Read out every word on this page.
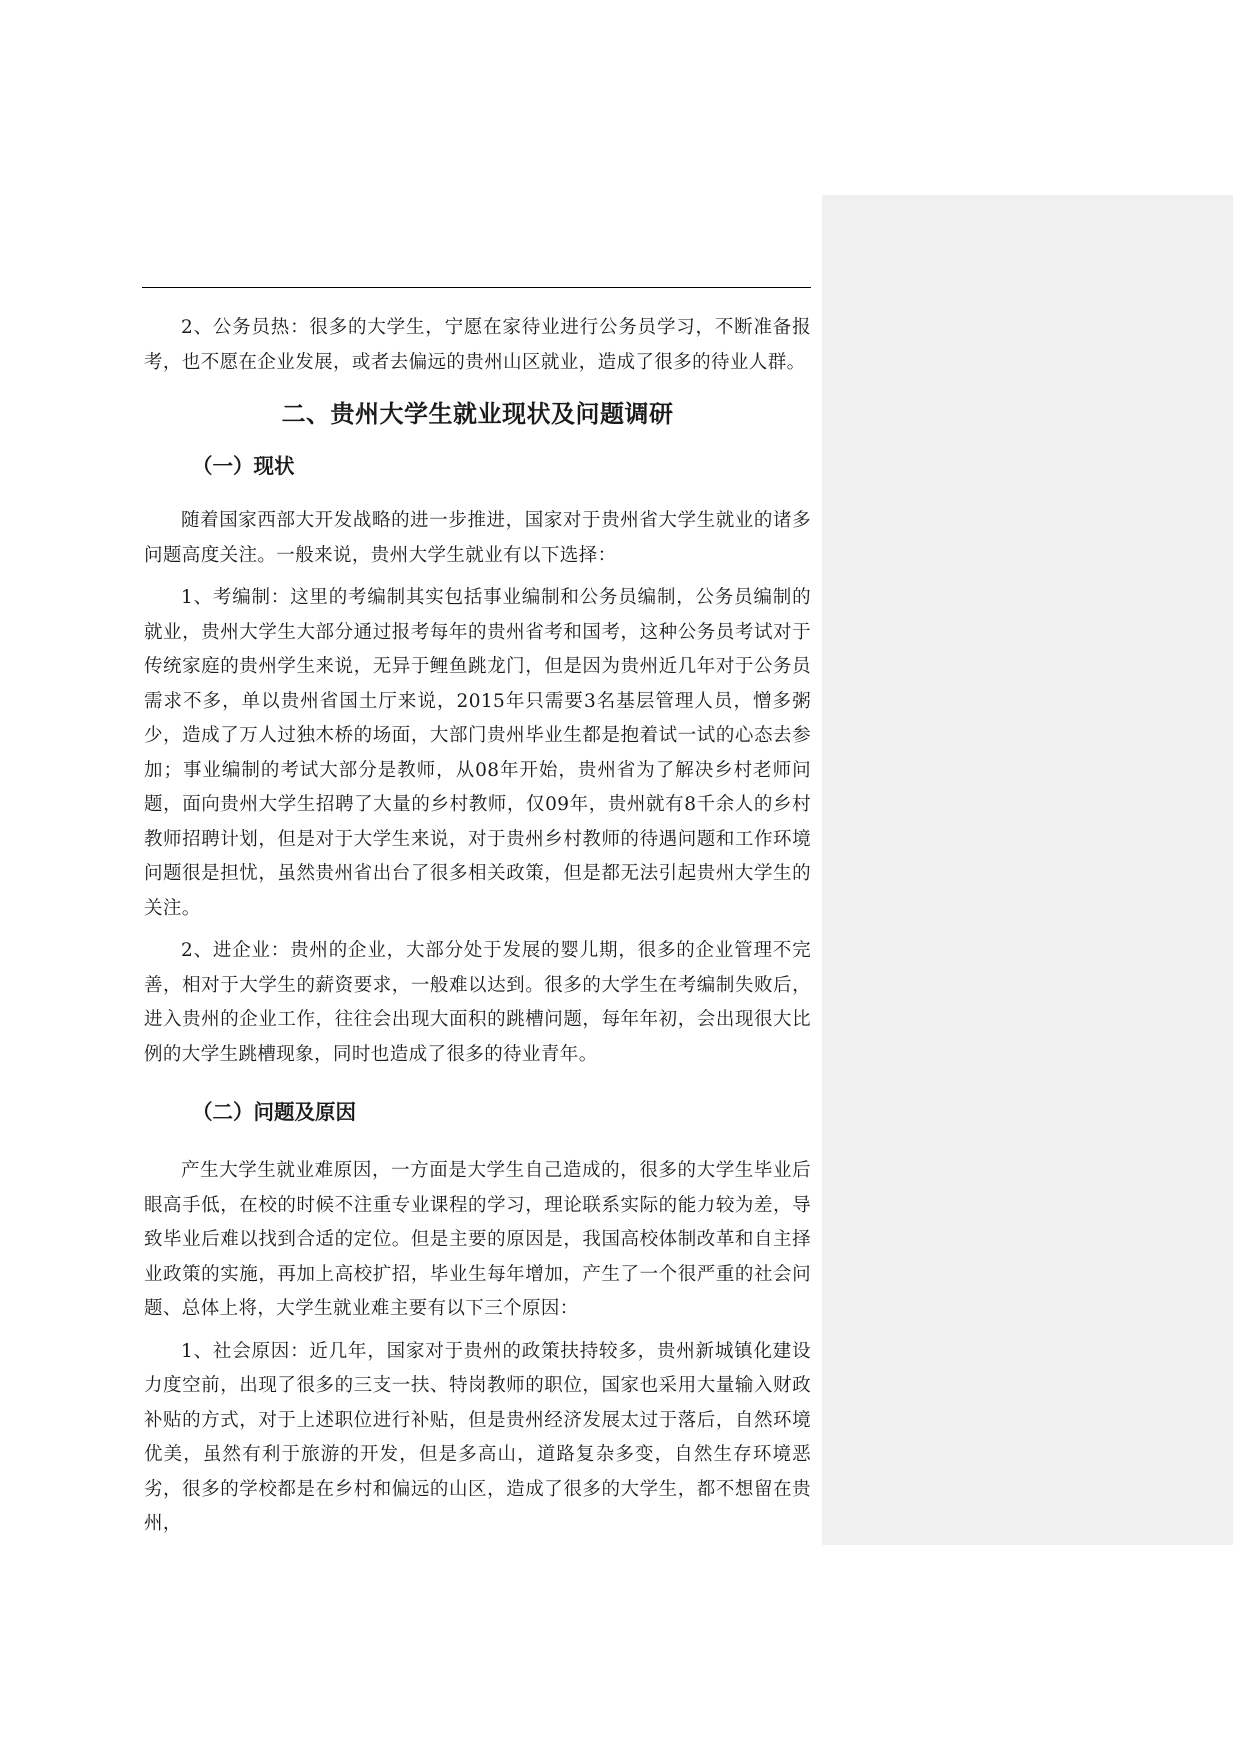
2、公务员热：很多的大学生，宁愿在家待业进行公务员学习，不断准备报考，也不愿在企业发展，或者去偏远的贵州山区就业，造成了很多的待业人群。

二、贵州大学生就业现状及问题调研
（一）现状

随着国家西部大开发战略的进一步推进，国家对于贵州省大学生就业的诸多问题高度关注。一般来说，贵州大学生就业有以下选择：

1、考编制：这里的考编制其实包括事业编制和公务员编制，公务员编制的就业，贵州大学生大部分通过报考每年的贵州省考和国考，这种公务员考试对于传统家庭的贵州学生来说，无异于鲤鱼跳龙门，但是因为贵州近几年对于公务员需求不多，单以贵州省国土厅来说，2015年只需要3名基层管理人员，憎多粥少，造成了万人过独木桥的场面，大部门贵州毕业生都是抱着试一试的心态去参加；事业编制的考试大部分是教师，从08年开始，贵州省为了解决乡村老师问题，面向贵州大学生招聘了大量的乡村教师，仅09年，贵州就有8千余人的乡村教师招聘计划，但是对于大学生来说，对于贵州乡村教师的待遇问题和工作环境问题很是担忧，虽然贵州省出台了很多相关政策，但是都无法引起贵州大学生的关注。

2、进企业：贵州的企业，大部分处于发展的婴儿期，很多的企业管理不完善，相对于大学生的薪资要求，一般难以达到。很多的大学生在考编制失败后，进入贵州的企业工作，往往会出现大面积的跳槽问题，每年年初，会出现很大比例的大学生跳槽现象，同时也造成了很多的待业青年。

（二）问题及原因

产生大学生就业难原因，一方面是大学生自己造成的，很多的大学生毕业后眼高手低，在校的时候不注重专业课程的学习，理论联系实际的能力较为差，导致毕业后难以找到合适的定位。但是主要的原因是，我国高校体制改革和自主择业政策的实施，再加上高校扩招，毕业生每年增加，产生了一个很严重的社会问题、总体上将，大学生就业难主要有以下三个原因：

1、社会原因：近几年，国家对于贵州的政策扶持较多，贵州新城镇化建设力度空前，出现了很多的三支一扶、特岗教师的职位，国家也采用大量输入财政补贴的方式，对于上述职位进行补贴，但是贵州经济发展太过于落后，自然环境优美，虽然有利于旅游的开发，但是多高山，道路复杂多变，自然生存环境恶劣，很多的学校都是在乡村和偏远的山区，造成了很多的大学生，都不想留在贵州，
